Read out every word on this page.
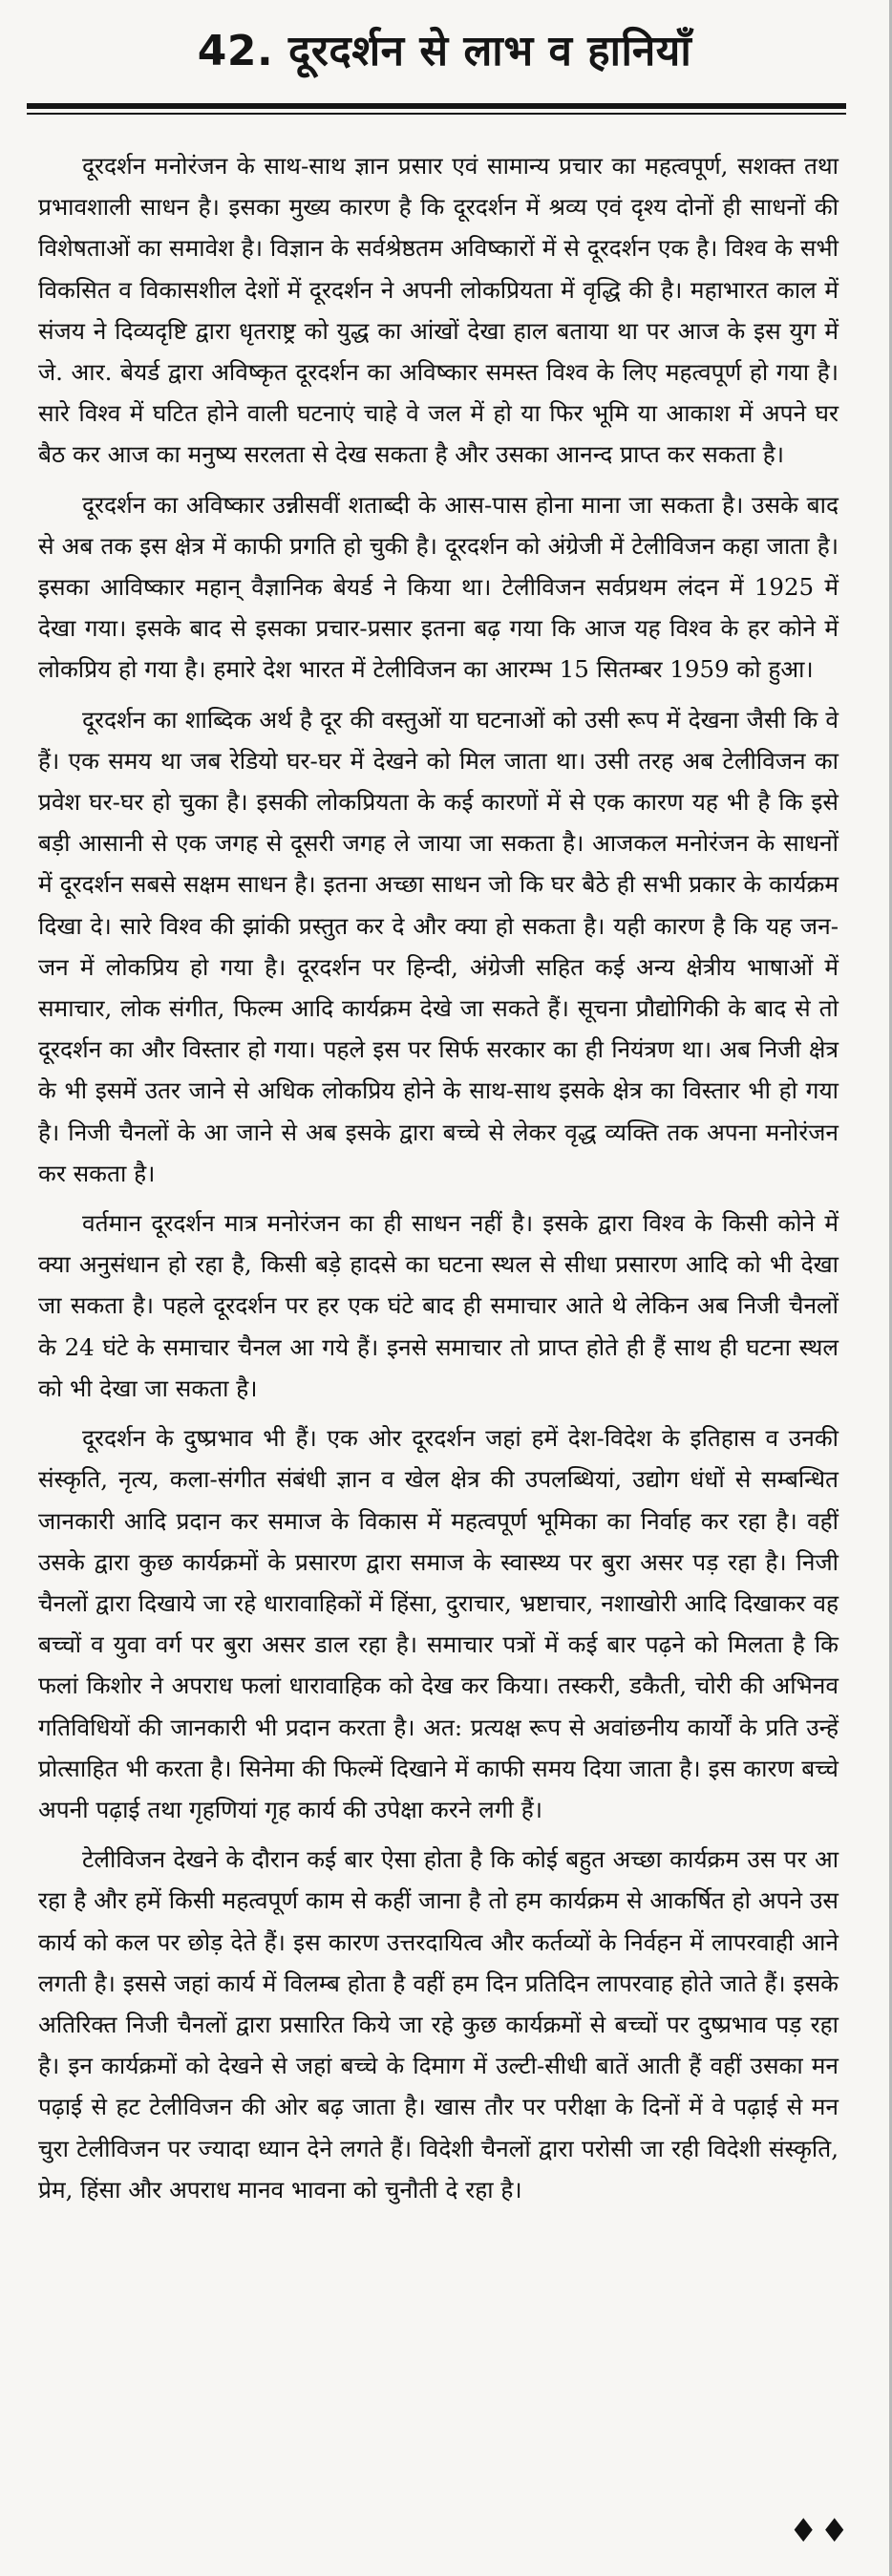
42. दूरदर्शन से लाभ व हानियाँ

दूरदर्शन मनोरंजन के साथ-साथ ज्ञान प्रसार एवं सामान्य प्रचार का महत्वपूर्ण, सशक्त तथा प्रभावशाली साधन है। इसका मुख्य कारण है कि दूरदर्शन में श्रव्य एवं दृश्य दोनों ही साधनों की विशेषताओं का समावेश है। विज्ञान के सर्वश्रेष्ठतम अविष्कारों में से दूरदर्शन एक है। विश्व के सभी विकसित व विकासशील देशों में दूरदर्शन ने अपनी लोकप्रियता में वृद्धि की है। महाभारत काल में संजय ने दिव्यदृष्टि द्वारा धृतराष्ट्र को युद्ध का आंखों देखा हाल बताया था पर आज के इस युग में जे. आर. बेयर्ड द्वारा अविष्कृत दूरदर्शन का अविष्कार समस्त विश्व के लिए महत्वपूर्ण हो गया है। सारे विश्व में घटित होने वाली घटनाएं चाहे वे जल में हो या फिर भूमि या आकाश में अपने घर बैठ कर आज का मनुष्य सरलता से देख सकता है और उसका आनन्द प्राप्त कर सकता है।

दूरदर्शन का अविष्कार उन्नीसवीं शताब्दी के आस-पास होना माना जा सकता है। उसके बाद से अब तक इस क्षेत्र में काफी प्रगति हो चुकी है। दूरदर्शन को अंग्रेजी में टेलीविजन कहा जाता है। इसका आविष्कार महान् वैज्ञानिक बेयर्ड ने किया था। टेलीविजन सर्वप्रथम लंदन में 1925 में देखा गया। इसके बाद से इसका प्रचार-प्रसार इतना बढ़ गया कि आज यह विश्व के हर कोने में लोकप्रिय हो गया है। हमारे देश भारत में टेलीविजन का आरम्भ 15 सितम्बर 1959 को हुआ।

दूरदर्शन का शाब्दिक अर्थ है दूर की वस्तुओं या घटनाओं को उसी रूप में देखना जैसी कि वे हैं। एक समय था जब रेडियो घर-घर में देखने को मिल जाता था। उसी तरह अब टेलीविजन का प्रवेश घर-घर हो चुका है। इसकी लोकप्रियता के कई कारणों में से एक कारण यह भी है कि इसे बड़ी आसानी से एक जगह से दूसरी जगह ले जाया जा सकता है। आजकल मनोरंजन के साधनों में दूरदर्शन सबसे सक्षम साधन है। इतना अच्छा साधन जो कि घर बैठे ही सभी प्रकार के कार्यक्रम दिखा दे। सारे विश्व की झांकी प्रस्तुत कर दे और क्या हो सकता है। यही कारण है कि यह जन-जन में लोकप्रिय हो गया है। दूरदर्शन पर हिन्दी, अंग्रेजी सहित कई अन्य क्षेत्रीय भाषाओं में समाचार, लोक संगीत, फिल्म आदि कार्यक्रम देखे जा सकते हैं। सूचना प्रौद्योगिकी के बाद से तो दूरदर्शन का और विस्तार हो गया। पहले इस पर सिर्फ सरकार का ही नियंत्रण था। अब निजी क्षेत्र के भी इसमें उतर जाने से अधिक लोकप्रिय होने के साथ-साथ इसके क्षेत्र का विस्तार भी हो गया है। निजी चैनलों के आ जाने से अब इसके द्वारा बच्चे से लेकर वृद्ध व्यक्ति तक अपना मनोरंजन कर सकता है।

वर्तमान दूरदर्शन मात्र मनोरंजन का ही साधन नहीं है। इसके द्वारा विश्व के किसी कोने में क्या अनुसंधान हो रहा है, किसी बड़े हादसे का घटना स्थल से सीधा प्रसारण आदि को भी देखा जा सकता है। पहले दूरदर्शन पर हर एक घंटे बाद ही समाचार आते थे लेकिन अब निजी चैनलों के 24 घंटे के समाचार चैनल आ गये हैं। इनसे समाचार तो प्राप्त होते ही हैं साथ ही घटना स्थल को भी देखा जा सकता है।

दूरदर्शन के दुष्प्रभाव भी हैं। एक ओर दूरदर्शन जहां हमें देश-विदेश के इतिहास व उनकी संस्कृति, नृत्य, कला-संगीत संबंधी ज्ञान व खेल क्षेत्र की उपलब्धियां, उद्योग धंधों से सम्बन्धित जानकारी आदि प्रदान कर समाज के विकास में महत्वपूर्ण भूमिका का निर्वाह कर रहा है। वहीं उसके द्वारा कुछ कार्यक्रमों के प्रसारण द्वारा समाज के स्वास्थ्य पर बुरा असर पड़ रहा है। निजी चैनलों द्वारा दिखाये जा रहे धारावाहिकों में हिंसा, दुराचार, भ्रष्टाचार, नशाखोरी आदि दिखाकर वह बच्चों व युवा वर्ग पर बुरा असर डाल रहा है। समाचार पत्रों में कई बार पढ़ने को मिलता है कि फलां किशोर ने अपराध फलां धारावाहिक को देख कर किया। तस्करी, डकैती, चोरी की अभिनव गतिविधियों की जानकारी भी प्रदान करता है। अत: प्रत्यक्ष रूप से अवांछनीय कार्यों के प्रति उन्हें प्रोत्साहित भी करता है। सिनेमा की फिल्में दिखाने में काफी समय दिया जाता है। इस कारण बच्चे अपनी पढ़ाई तथा गृहणियां गृह कार्य की उपेक्षा करने लगी हैं।

टेलीविजन देखने के दौरान कई बार ऐसा होता है कि कोई बहुत अच्छा कार्यक्रम उस पर आ रहा है और हमें किसी महत्वपूर्ण काम से कहीं जाना है तो हम कार्यक्रम से आकर्षित हो अपने उस कार्य को कल पर छोड़ देते हैं। इस कारण उत्तरदायित्व और कर्तव्यों के निर्वहन में लापरवाही आने लगती है। इससे जहां कार्य में विलम्ब होता है वहीं हम दिन प्रतिदिन लापरवाह होते जाते हैं। इसके अतिरिक्त निजी चैनलों द्वारा प्रसारित किये जा रहे कुछ कार्यक्रमों से बच्चों पर दुष्प्रभाव पड़ रहा है। इन कार्यक्रमों को देखने से जहां बच्चे के दिमाग में उल्टी-सीधी बातें आती हैं वहीं उसका मन पढ़ाई से हट टेलीविजन की ओर बढ़ जाता है। खास तौर पर परीक्षा के दिनों में वे पढ़ाई से मन चुरा टेलीविजन पर ज्यादा ध्यान देने लगते हैं। विदेशी चैनलों द्वारा परोसी जा रही विदेशी संस्कृति, प्रेम, हिंसा और अपराध मानव भावना को चुनौती दे रहा है।

♦♦
